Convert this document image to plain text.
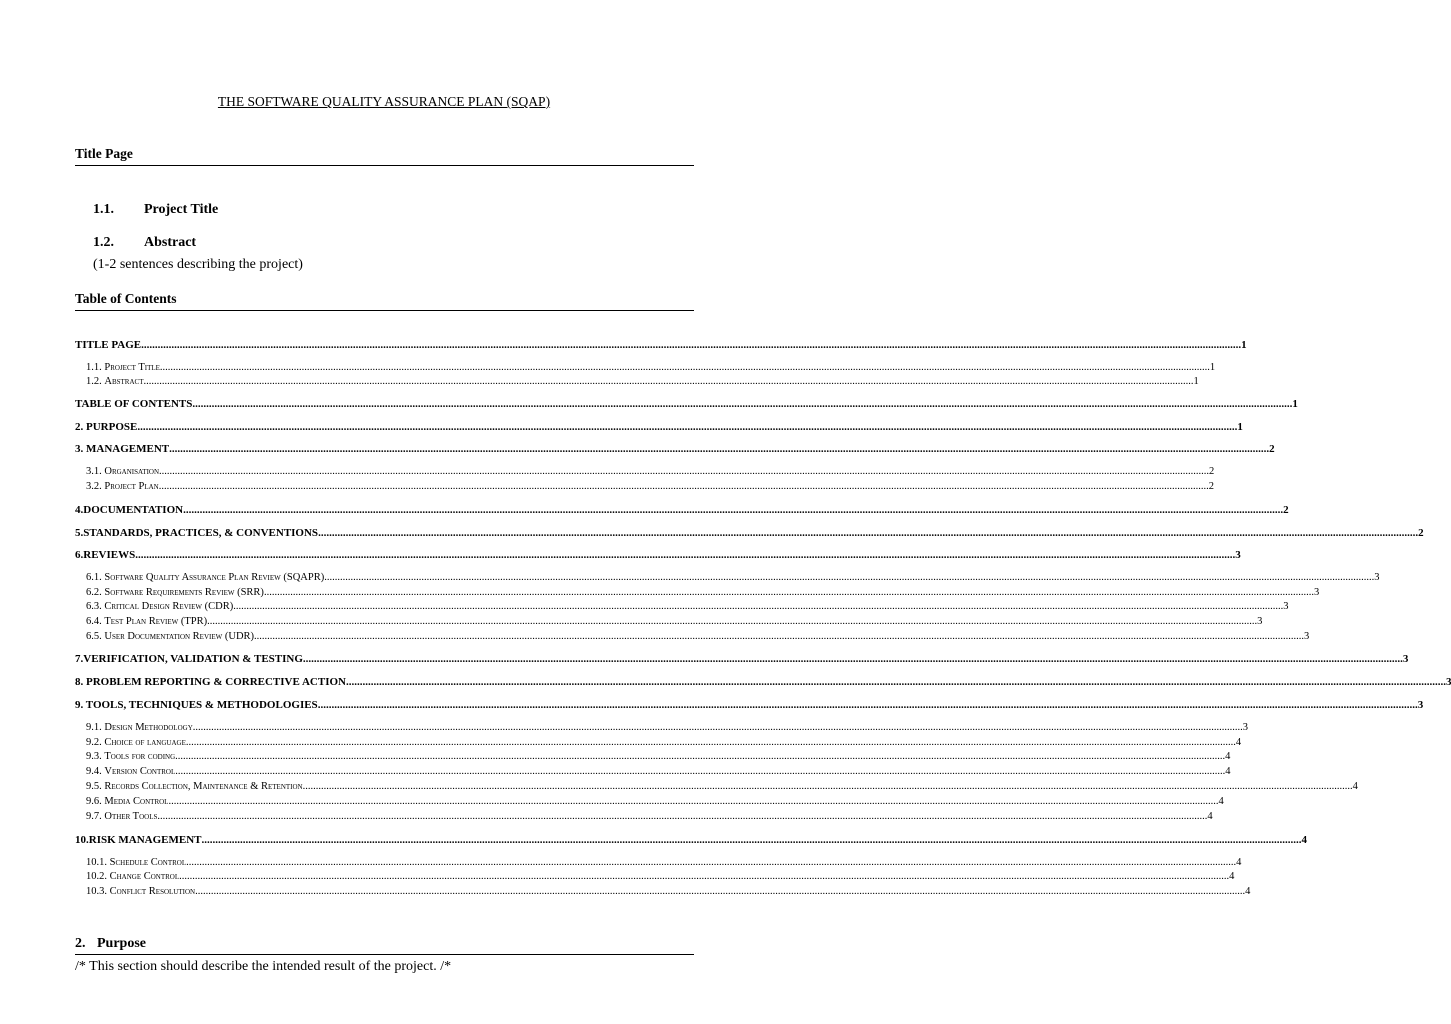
THE SOFTWARE QUALITY ASSURANCE PLAN (SQAP)
Title Page
1.1. Project Title
1.2. Abstract
(1-2 sentences describing the project)
Table of Contents
TITLE PAGE ................................................................................................................................................................................................................................................................................................................................................................................................................ 1
1.1. Project Title ................................................................................................................................................................................................................................................................................................................................................................................................................ 1
1.2. Abstract ................................................................................................................................................................................................................................................................................................................................................................................................................ 1
TABLE OF CONTENTS ................................................................................................................................................................................................................................................................................................................................................................................................................ 1
2. PURPOSE ................................................................................................................................................................................................................................................................................................................................................................................................................ 1
3. MANAGEMENT ................................................................................................................................................................................................................................................................................................................................................................................................................ 2
3.1. Organisation ................................................................................................................................................................................................................................................................................................................................................................................................................ 2
3.2. Project Plan ................................................................................................................................................................................................................................................................................................................................................................................................................ 2
4.DOCUMENTATION ................................................................................................................................................................................................................................................................................................................................................................................................................ 2
5.STANDARDS, PRACTICES, & CONVENTIONS ................................................................................................................................................................................................................................................................................................................................................................................................................ 2
6.REVIEWS ................................................................................................................................................................................................................................................................................................................................................................................................................ 3
6.1. Software Quality Assurance Plan Review (SQAPR) ................................................................................................................................................................................................................................................................................................................................................................................................................ 3
6.2. Software Requirements Review (SRR) ................................................................................................................................................................................................................................................................................................................................................................................................................ 3
6.3. Critical Design Review (CDR) ................................................................................................................................................................................................................................................................................................................................................................................................................ 3
6.4. Test Plan Review (TPR) ................................................................................................................................................................................................................................................................................................................................................................................................................ 3
6.5. User Documentation Review (UDR) ................................................................................................................................................................................................................................................................................................................................................................................................................ 3
7.VERIFICATION, VALIDATION & TESTING ................................................................................................................................................................................................................................................................................................................................................................................................................ 3
8. PROBLEM REPORTING & CORRECTIVE ACTION ................................................................................................................................................................................................................................................................................................................................................................................................................ 3
9. TOOLS, TECHNIQUES & METHODOLOGIES ................................................................................................................................................................................................................................................................................................................................................................................................................ 3
9.1. Design Methodology ................................................................................................................................................................................................................................................................................................................................................................................................................ 3
9.2. Choice of language ................................................................................................................................................................................................................................................................................................................................................................................................................ 4
9.3. Tools for coding ................................................................................................................................................................................................................................................................................................................................................................................................................ 4
9.4. Version Control ................................................................................................................................................................................................................................................................................................................................................................................................................ 4
9.5. Records Collection, Maintenance & Retention ................................................................................................................................................................................................................................................................................................................................................................................................................ 4
9.6. Media Control ................................................................................................................................................................................................................................................................................................................................................................................................................ 4
9.7. Other Tools ................................................................................................................................................................................................................................................................................................................................................................................................................ 4
10.RISK MANAGEMENT ................................................................................................................................................................................................................................................................................................................................................................................................................ 4
10.1. Schedule Control ................................................................................................................................................................................................................................................................................................................................................................................................................ 4
10.2. Change Control ................................................................................................................................................................................................................................................................................................................................................................................................................ 4
10.3. Conflict Resolution ................................................................................................................................................................................................................................................................................................................................................................................................................ 4
2. Purpose
/* This section should describe the intended result of the project. /*
